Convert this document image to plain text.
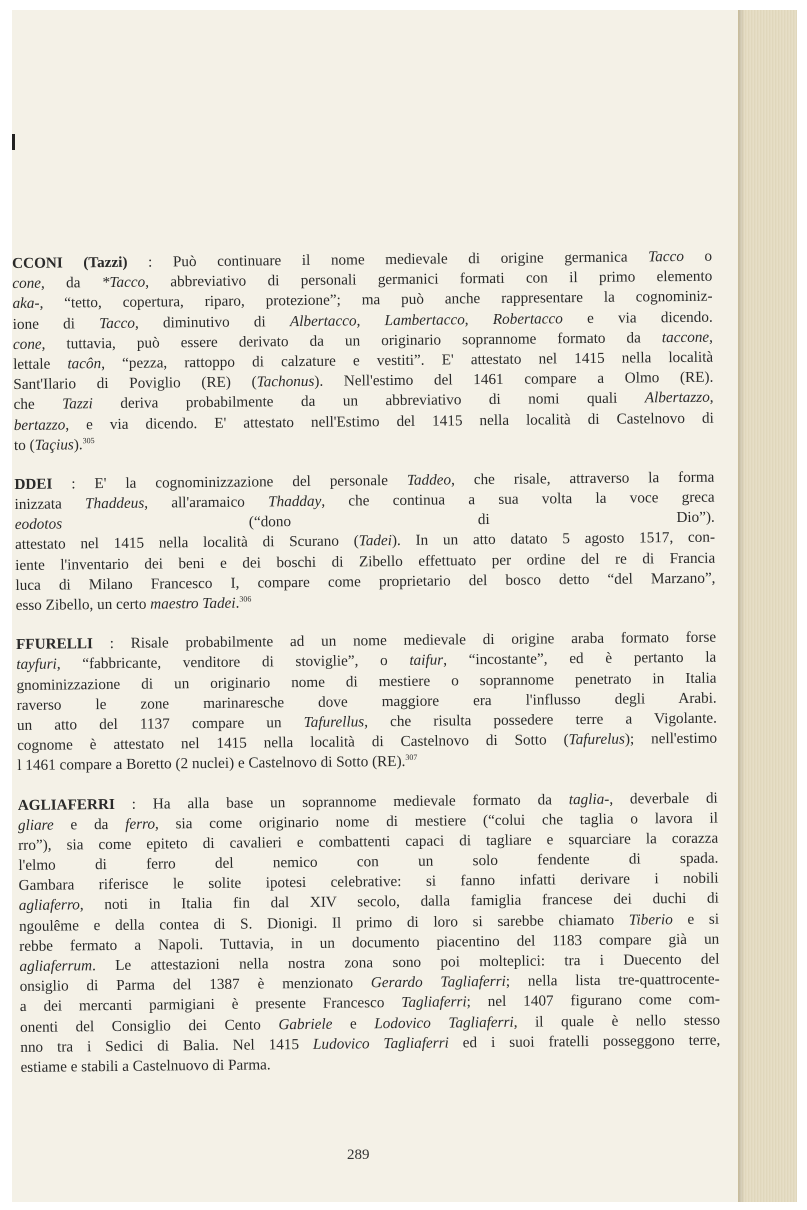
CCONI (Tazzi) : Può continuare il nome medievale di origine germanica Tacco o
cone, da *Tacco, abbreviativo di personali germanici formati con il primo elemento
aka-, “tetto, copertura, riparo, protezione”; ma può anche rappresentare la cognominiz-
ione di Tacco, diminutivo di Albertacco, Lambertacco, Robertacco e via dicendo.
cone, tuttavia, può essere derivato da un originario soprannome formato da taccone,
lettale tacôn, “pezza, rattoppo di calzature e vestiti”. E' attestato nel 1415 nella località
Sant'Ilario di Poviglio (RE) (Tachonus). Nell'estimo del 1461 compare a Olmo (RE).
che Tazzi deriva probabilmente da un abbreviativo di nomi quali Albertazzo,
bertazzo, e via dicendo. E' attestato nell'Estimo del 1415 nella località di Castelnovo di
to (Taçius).$^{305}$
DDEI : E' la cognominizzazione del personale Taddeo, che risale, attraverso la forma
inizzata Thaddeus, all'aramaico Thadday, che continua a sua volta la voce greca
eodotos (“dono di Dio”).
attestato nel 1415 nella località di Scurano (Tadei). In un atto datato 5 agosto 1517, con-
iente l'inventario dei beni e dei boschi di Zibello effettuato per ordine del re di Francia
luca di Milano Francesco I, compare come proprietario del bosco detto “del Marzano”,
esso Zibello, un certo maestro Tadei.$^{306}$
FFURELLI : Risale probabilmente ad un nome medievale di origine araba formato forse
tayfuri, “fabbricante, venditore di stoviglie”, o taifur, “incostante”, ed è pertanto la
gnominizzazione di un originario nome di mestiere o soprannome penetrato in Italia
raverso le zone marinaresche dove maggiore era l'influsso degli Arabi.
un atto del 1137 compare un Tafurellus, che risulta possedere terre a Vigolante.
cognome è attestato nel 1415 nella località di Castelnovo di Sotto (Tafurelus); nell'estimo
l 1461 compare a Boretto (2 nuclei) e Castelnovo di Sotto (RE).$^{307}$
AGLIAFERRI : Ha alla base un soprannome medievale formato da taglia-, deverbale di
gliare e da ferro, sia come originario nome di mestiere (“colui che taglia o lavora il
rro”), sia come epiteto di cavalieri e combattenti capaci di tagliare e squarciare la corazza
l'elmo di ferro del nemico con un solo fendente di spada.
Gambara riferisce le solite ipotesi celebrative: si fanno infatti derivare i nobili
agliaferro, noti in Italia fin dal XIV secolo, dalla famiglia francese dei duchi di
ngoulême e della contea di S. Dionigi. Il primo di loro si sarebbe chiamato Tiberio e si
rebbe fermato a Napoli. Tuttavia, in un documento piacentino del 1183 compare già un
agliaferrum. Le attestazioni nella nostra zona sono poi molteplici: tra i Duecento del
onsiglio di Parma del 1387 è menzionato Gerardo Tagliaferri; nella lista tre-quattrocente-
a dei mercanti parmigiani è presente Francesco Tagliaferri; nel 1407 figurano come com-
onenti del Consiglio dei Cento Gabriele e Lodovico Tagliaferri, il quale è nello stesso
nno tra i Sedici di Balia. Nel 1415 Ludovico Tagliaferri ed i suoi fratelli posseggono terre,
estiame e stabili a Castelnuovo di Parma.
289
